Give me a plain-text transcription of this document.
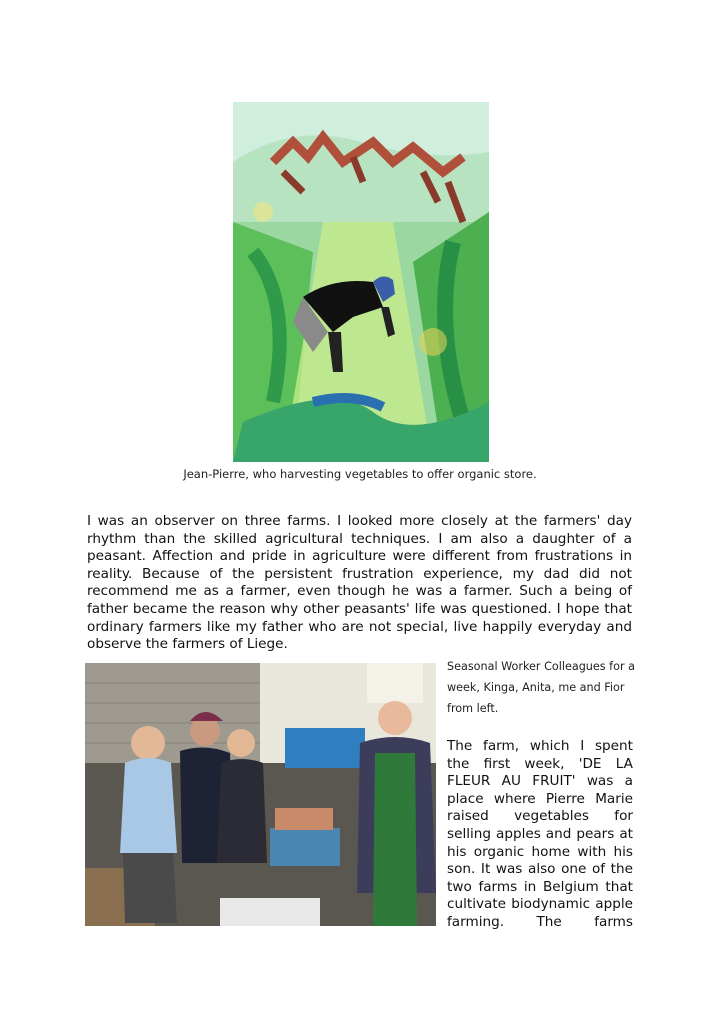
Jean-Pierre, who harvesting vegetables to offer organic store.
I was an observer on three farms. I looked more closely at the farmers' day rhythm than the skilled agricultural techniques. I am also a daughter of a peasant. Affection and pride in agriculture were different from frustrations in reality. Because of the persistent frustration experience, my dad did not recommend me as a farmer, even though he was a farmer. Such a being of father became the reason why other peasants' life was questioned. I hope that ordinary farmers like my father who are not special, live happily everyday and observe the farmers of Liege.
Seasonal Worker Colleagues for a week, Kinga, Anita, me and Fior from left.
The farm, which I spent the first week, 'DE LA FLEUR AU FRUIT' was a place where Pierre Marie raised vegetables for selling apples and pears at his organic home with his son. It was also one of the two farms in Belgium that cultivate biodynamic apple farming. The farms
